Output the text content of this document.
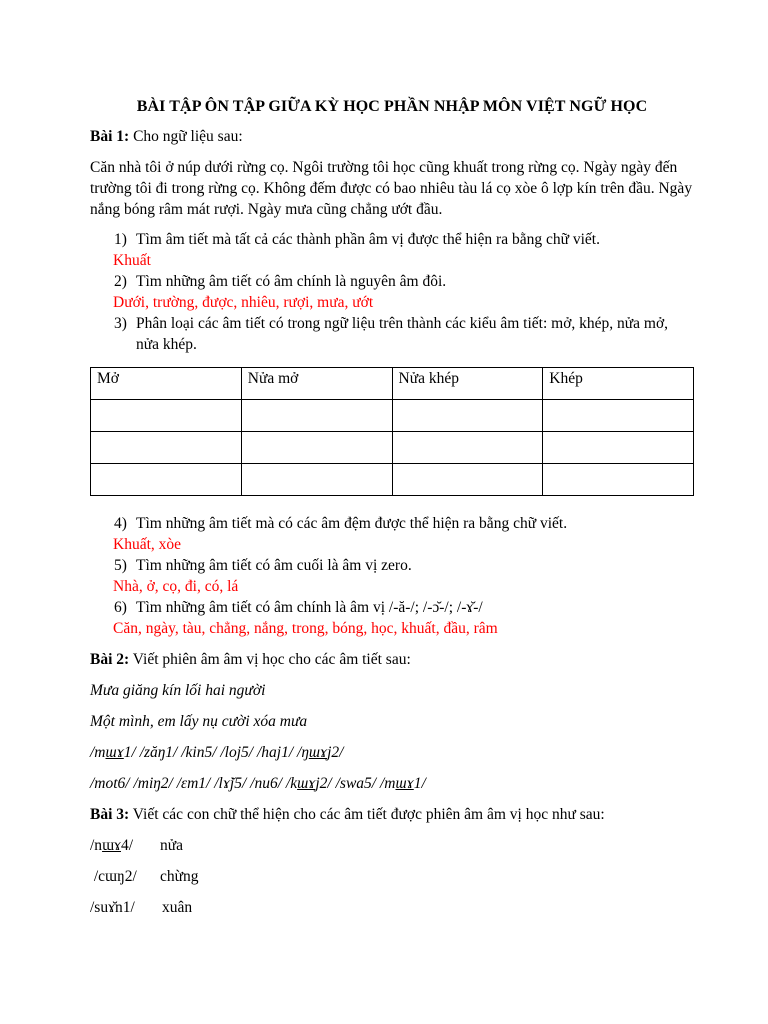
BÀI TẬP ÔN TẬP GIỮA KỲ HỌC PHẦN NHẬP MÔN VIỆT NGỮ HỌC

Bài 1: Cho ngữ liệu sau:

Căn nhà tôi ở núp dưới rừng cọ. Ngôi trường tôi học cũng khuất trong rừng cọ. Ngày ngày đến trường tôi đi trong rừng cọ. Không đếm được có bao nhiêu tàu lá cọ xòe ô lợp kín trên đầu. Ngày nắng bóng râm mát rượi. Ngày mưa cũng chẳng ướt đầu.

1) Tìm âm tiết mà tất cả các thành phần âm vị được thể hiện ra bằng chữ viết.
Khuất
2) Tìm những âm tiết có âm chính là nguyên âm đôi.
Dưới, trường, được, nhiêu, rượi, mưa, ướt
3) Phân loại các âm tiết có trong ngữ liệu trên thành các kiểu âm tiết: mở, khép, nửa mở, nửa khép.
Mở	Nửa mở	Nửa khép	Khép

4) Tìm những âm tiết mà có các âm đệm được thể hiện ra bằng chữ viết.
Khuất, xòe
5) Tìm những âm tiết có âm cuối là âm vị zero.
Nhà, ở, cọ, đi, có, lá
6) Tìm những âm tiết có âm chính là âm vị /-ă-/; /-ɔ̆-/; /-ɤ̆-/
Căn, ngày, tàu, chẳng, nắng, trong, bóng, học, khuất, đầu, râm

Bài 2: Viết phiên âm âm vị học cho các âm tiết sau:

Mưa giăng kín lối hai người

Một mình, em lấy nụ cười xóa mưa

/mɯɤ1/ /zăŋ1/ /kin5/ /loj5/ /haj1/ /ŋɯɤj2/

/mot6/ /miŋ2/ /ɛm1/ /lɤ̆j5/ /nu6/ /kɯɤj2/ /swa5/ /mɯɤ1/

Bài 3: Viết các con chữ thể hiện cho các âm tiết được phiên âm âm vị học như sau:

/nɯɤ4/ nửa

/cɯŋ2/ chừng

/suɤ̆n1/ xuân
